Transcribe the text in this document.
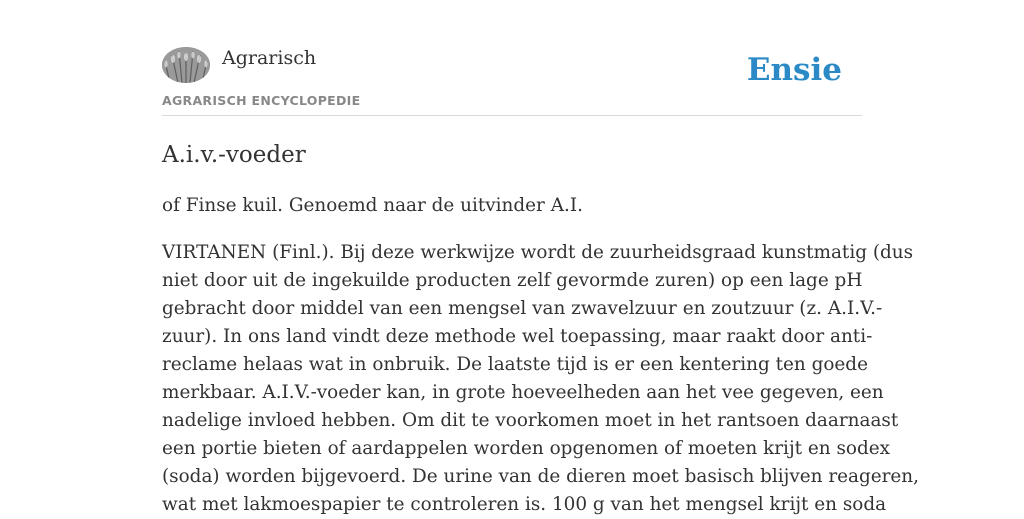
Agrarisch
AGRARISCH ENCYCLOPEDIE
Ensie
A.i.v.-voeder

of Finse kuil. Genoemd naar de uitvinder A.I.

VIRTANEN (Finl.). Bij deze werkwijze wordt de zuurheidsgraad kunstmatig (dus
niet door uit de ingekuilde producten zelf gevormde zuren) op een lage pH
gebracht door middel van een mengsel van zwavelzuur en zoutzuur (z. A.I.V.-
zuur). In ons land vindt deze methode wel toepassing, maar raakt door anti-
reclame helaas wat in onbruik. De laatste tijd is er een kentering ten goede
merkbaar. A.I.V.-voeder kan, in grote hoeveelheden aan het vee gegeven, een
nadelige invloed hebben. Om dit te voorkomen moet in het rantsoen daarnaast
een portie bieten of aardappelen worden opgenomen of moeten krijt en sodex
(soda) worden bijgevoerd. De urine van de dieren moet basisch blijven reageren,
wat met lakmoespapier te controleren is. 100 g van het mengsel krijt en soda
